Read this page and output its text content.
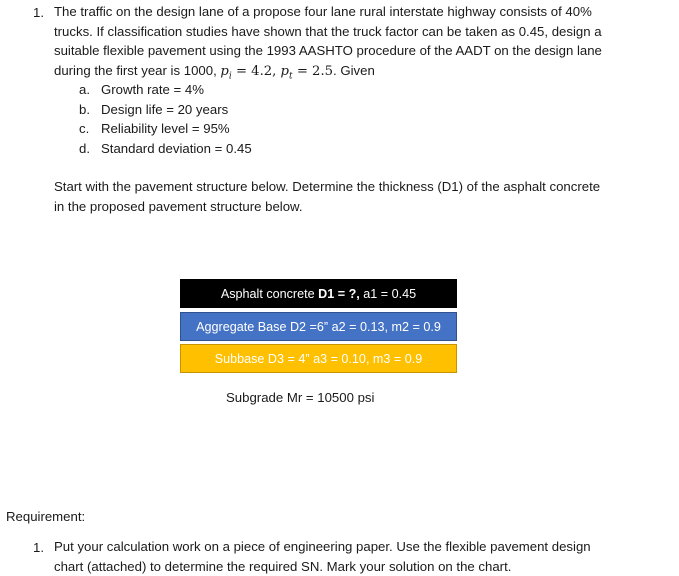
1. The traffic on the design lane of a propose four lane rural interstate highway consists of 40%
trucks. If classification studies have shown that the truck factor can be taken as 0.45, design a
suitable flexible pavement using the 1993 AASHTO procedure of the AADT on the design lane
during the first year is 1000, $p_i = 4.2$, $p_t = 2.5$. Given
a.
b.
c.
d.
Growth rate = 4%
Design life = 20 years
Reliability level = 95%
Standard deviation = 0.45
Start with the pavement structure below. Determine the thickness (D1) of the asphalt concrete
in the proposed pavement structure below.
Asphalt concrete D1 = ?, a1 = 0.45
Aggregate Base D2 =6” a2 = 0.13, m2 = 0.9
Subbase D3 = 4” a3 = 0.10, m3 = 0.9
Subgrade Mr = 10500 psi
Requirement:
1. Put your calculation work on a piece of engineering paper. Use the flexible pavement design
chart (attached) to determine the required SN. Mark your solution on the chart.
